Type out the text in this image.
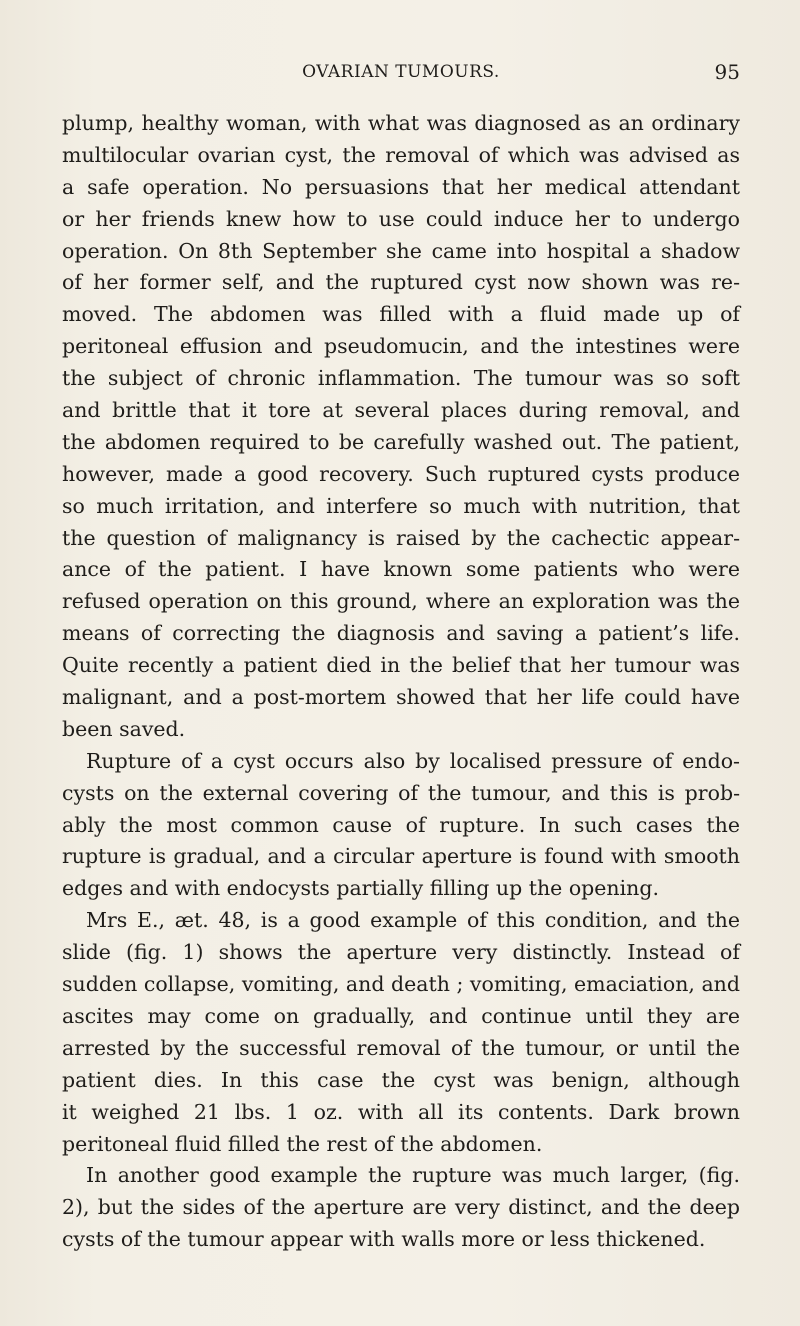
OVARIAN TUMOURS.	95
plump, healthy woman, with what was diagnosed as an ordinary
multilocular ovarian cyst, the removal of which was advised as
a safe operation. No persuasions that her medical attendant
or her friends knew how to use could induce her to undergo
operation. On 8th September she came into hospital a shadow
of her former self, and the ruptured cyst now shown was re-
moved. The abdomen was filled with a fluid made up of
peritoneal effusion and pseudomucin, and the intestines were
the subject of chronic inflammation. The tumour was so soft
and brittle that it tore at several places during removal, and
the abdomen required to be carefully washed out. The patient,
however, made a good recovery. Such ruptured cysts produce
so much irritation, and interfere so much with nutrition, that
the question of malignancy is raised by the cachectic appear-
ance of the patient. I have known some patients who were
refused operation on this ground, where an exploration was the
means of correcting the diagnosis and saving a patient’s life.
Quite recently a patient died in the belief that her tumour was
malignant, and a post-mortem showed that her life could have
been saved.
Rupture of a cyst occurs also by localised pressure of endo-
cysts on the external covering of the tumour, and this is prob-
ably the most common cause of rupture. In such cases the
rupture is gradual, and a circular aperture is found with smooth
edges and with endocysts partially filling up the opening.
Mrs E., æt. 48, is a good example of this condition, and the
slide (fig. 1) shows the aperture very distinctly. Instead of
sudden collapse, vomiting, and death ; vomiting, emaciation, and
ascites may come on gradually, and continue until they are
arrested by the successful removal of the tumour, or until the
patient dies. In this case the cyst was benign, although
it weighed 21 lbs. 1 oz. with all its contents. Dark brown
peritoneal fluid filled the rest of the abdomen.
In another good example the rupture was much larger, (fig.
2), but the sides of the aperture are very distinct, and the deep
cysts of the tumour appear with walls more or less thickened.
